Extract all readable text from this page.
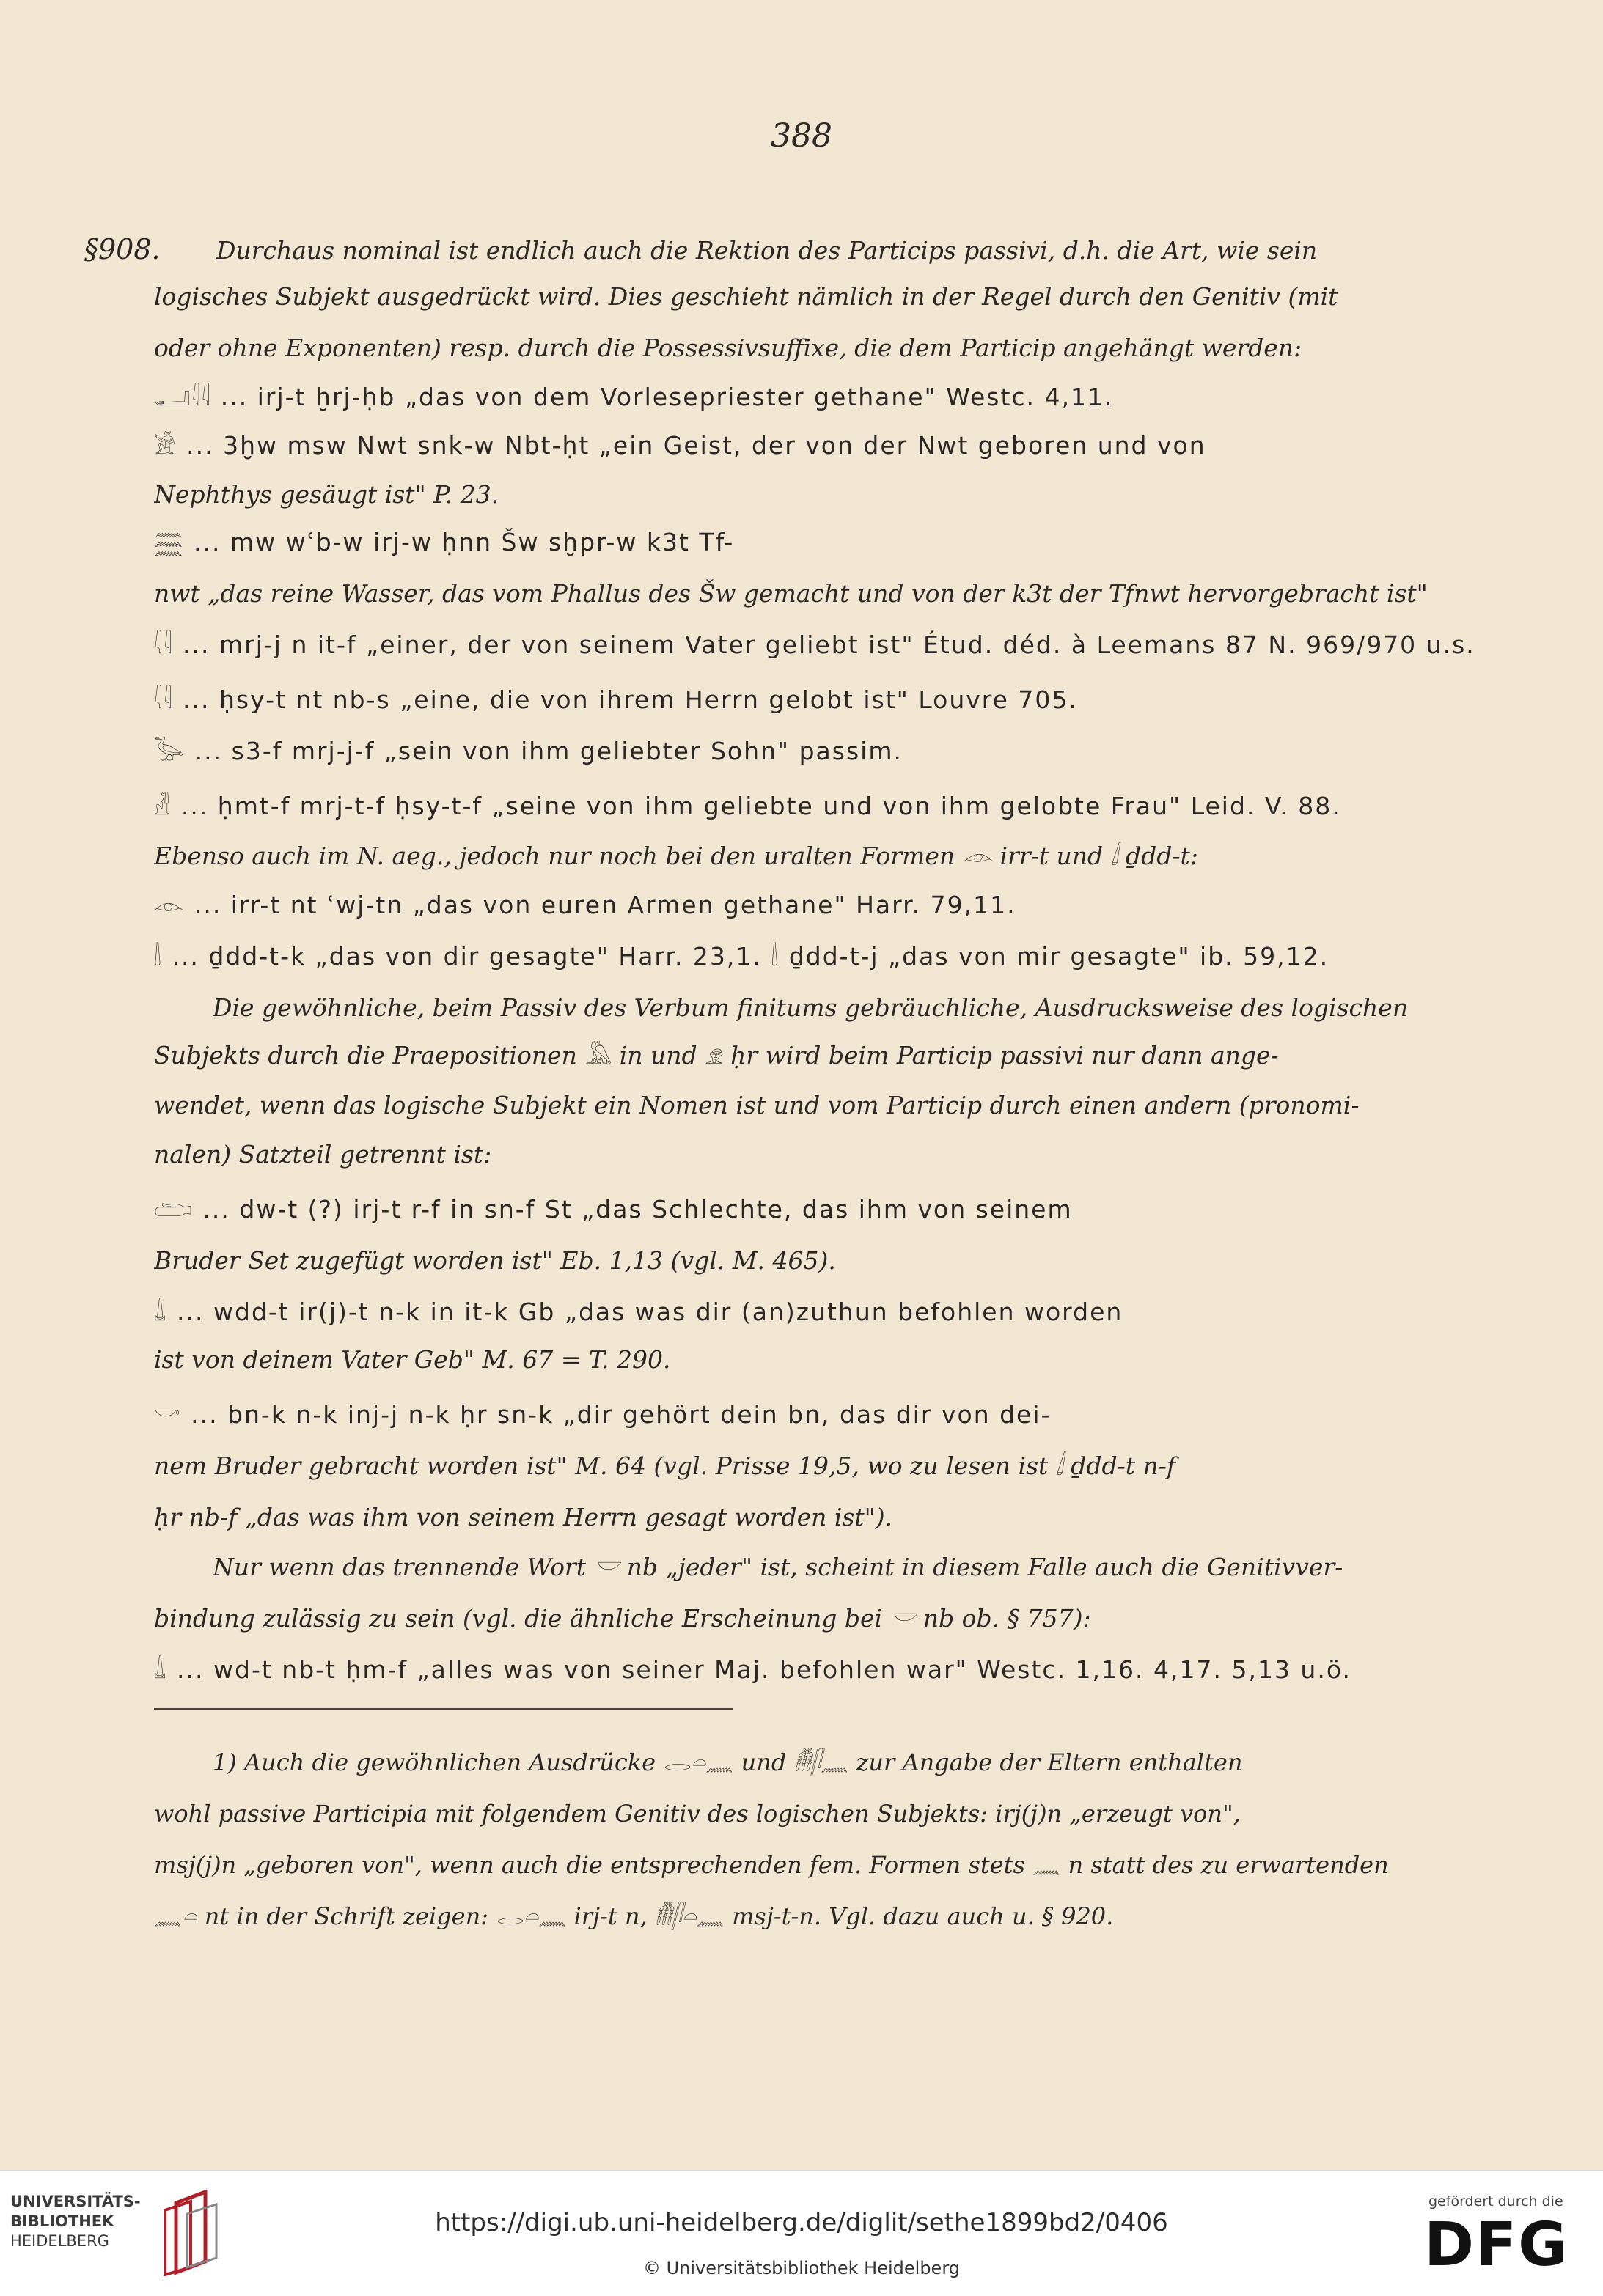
388
§908. Durchaus nominal ist endlich auch die Rektion des Particips passivi, d.h. die Art, wie sein
logisches Subjekt ausgedrückt wird. Dies geschieht nämlich in der Regel durch den Genitiv (mit
oder ohne Exponenten) resp. durch die Possessivsuffixe, die dem Particip angehängt werden:
𓂝𓇋𓇋 ... irj-t ḫrj-ḥb „das von dem Vorlesepriester gethane" Westc. 4,11.
𓀀 ... 3ḫw msw Nwt snk-w Nbt-ḥt „ein Geist, der von der Nwt geboren und von
Nephthys gesäugt ist" P. 23.
𓈗 ... mw wʿb-w irj-w ḥnn Šw sḫpr-w k3t Tf-
nwt „das reine Wasser, das vom Phallus des Šw gemacht und von der k3t der Tfnwt hervorgebracht ist"
𓇋𓇋 ... mrj-j n it-f „einer, der von seinem Vater geliebt ist" Étud. déd. à Leemans 87 N. 969/970 u.s.
𓇋𓇋 ... ḥsy-t nt nb-s „eine, die von ihrem Herrn gelobt ist" Louvre 705.
𓅭 ... s3-f mrj-j-f „sein von ihm geliebter Sohn" passim.
𓁐 ... ḥmt-f mrj-t-f ḥsy-t-f „seine von ihm geliebte und von ihm gelobte Frau" Leid. V. 88.
Ebenso auch im N. aeg., jedoch nur noch bei den uralten Formen 𓁹 irr-t und 𓌃 ḏdd-t:
𓁹 ... irr-t nt ʿwj-tn „das von euren Armen gethane" Harr. 79,11.
𓌃 ... ḏdd-t-k „das von dir gesagte" Harr. 23,1. 𓌃 ḏdd-t-j „das von mir gesagte" ib. 59,12.
Die gewöhnliche, beim Passiv des Verbum finitums gebräuchliche, Ausdrucksweise des logischen
Subjekts durch die Praepositionen 𓅓 in und 𓁷 ḥr wird beim Particip passivi nur dann ange-
wendet, wenn das logische Subjekt ein Nomen ist und vom Particip durch einen andern (pronomi-
nalen) Satzteil getrennt ist:
𓂧 ... dw-t (?) irj-t r-f in sn-f St „das Schlechte, das ihm von seinem
Bruder Set zugefügt worden ist" Eb. 1,13 (vgl. M. 465).
𓍑 ... wdd-t ir(j)-t n-k in it-k Gb „das was dir (an)zuthun befohlen worden
ist von deinem Vater Geb" M. 67 = T. 290.
𓎡 ... bn-k n-k inj-j n-k ḥr sn-k „dir gehört dein bn, das dir von dei-
nem Bruder gebracht worden ist" M. 64 (vgl. Prisse 19,5, wo zu lesen ist 𓌃 ḏdd-t n-f
ḥr nb-f „das was ihm von seinem Herrn gesagt worden ist").
Nur wenn das trennende Wort 𓎟 nb „jeder" ist, scheint in diesem Falle auch die Genitivver-
bindung zulässig zu sein (vgl. die ähnliche Erscheinung bei 𓎟 nb ob. § 757):
𓍑 ... wd-t nb-t ḥm-f „alles was von seiner Maj. befohlen war" Westc. 1,16. 4,17. 5,13 u.ö.
1) Auch die gewöhnlichen Ausdrücke 𓂋𓏏𓈖 und 𓄟𓋴𓈖 zur Angabe der Eltern enthalten
wohl passive Participia mit folgendem Genitiv des logischen Subjekts: irj(j)n „erzeugt von",
msj(j)n „geboren von", wenn auch die entsprechenden fem. Formen stets 𓈖 n statt des zu erwartenden
𓈖𓏏 nt in der Schrift zeigen: 𓂋𓏏𓈖 irj-t n, 𓄟𓋴𓏏𓈖 msj-t-n. Vgl. dazu auch u. § 920.
UNIVERSITÄTS-
BIBLIOTHEK
HEIDELBERG
https://digi.ub.uni-heidelberg.de/diglit/sethe1899bd2/0406
© Universitätsbibliothek Heidelberg
gefördert durch die
DFG
